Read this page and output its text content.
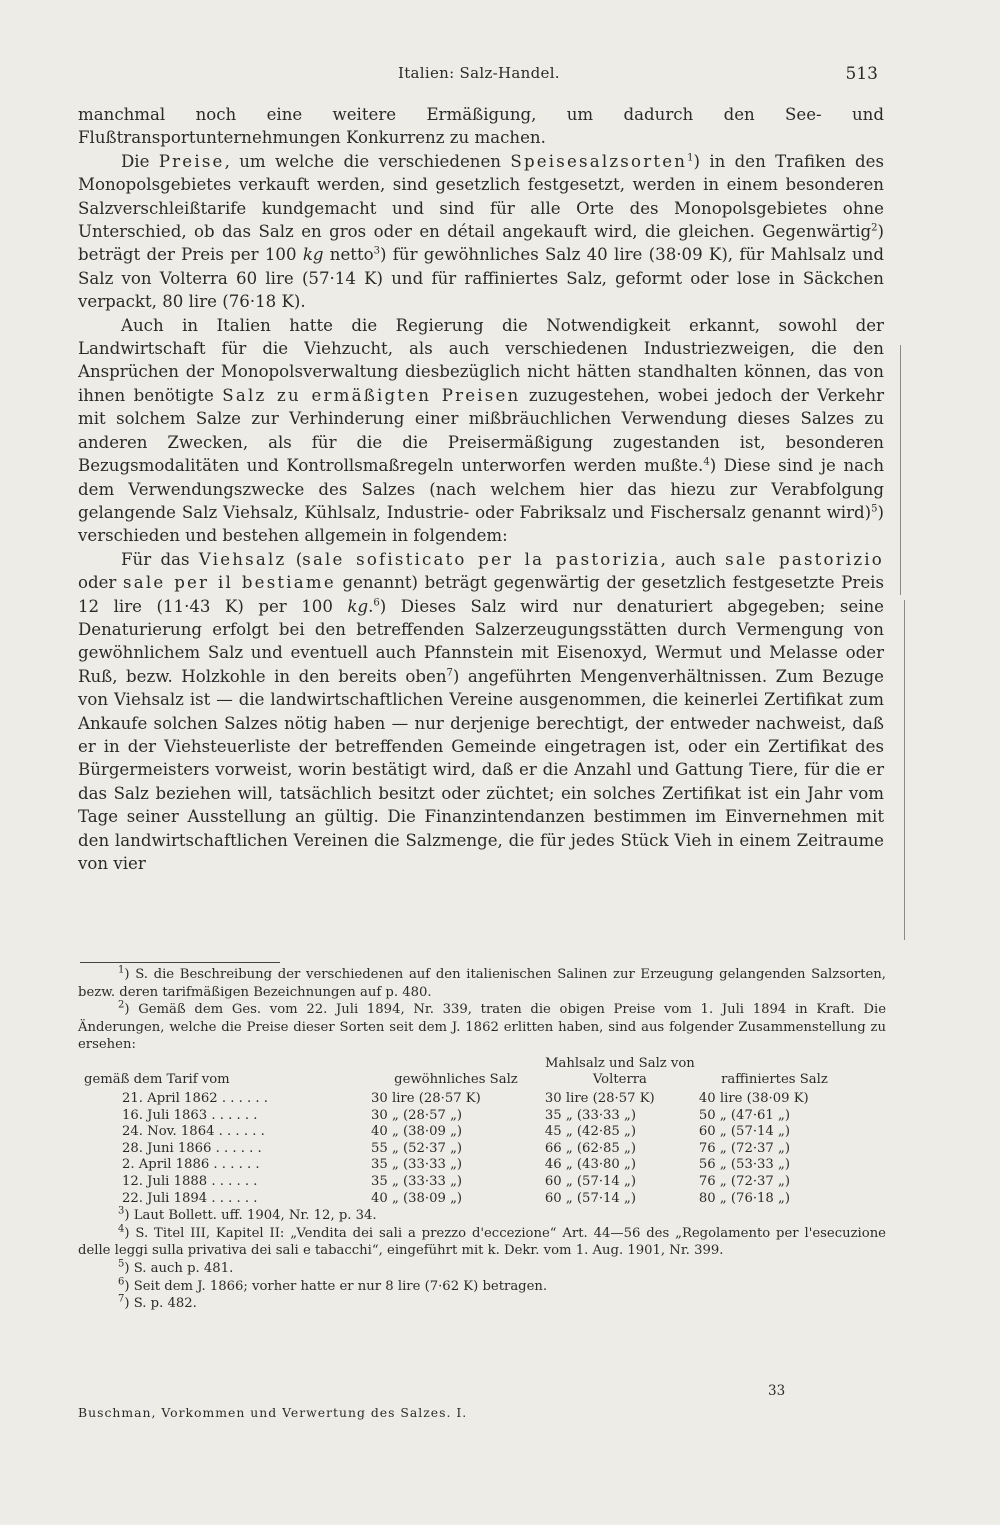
Italien: Salz-Handel.	513

manchmal noch eine weitere Ermäßigung, um dadurch den See- und Flußtransportunternehmungen Konkurrenz zu machen.

Die Preise, um welche die verschiedenen Speisesalzsorten$^1$) in den Trafiken des Monopolsgebietes verkauft werden, sind gesetzlich festgesetzt, werden in einem besonderen Salzverschleißtarife kundgemacht und sind für alle Orte des Monopolsgebietes ohne Unterschied, ob das Salz en gros oder en détail angekauft wird, die gleichen. Gegenwärtig$^2$) beträgt der Preis per 100 kg netto$^3$) für gewöhnliches Salz 40 lire (38·09 K), für Mahlsalz und Salz von Volterra 60 lire (57·14 K) und für raffiniertes Salz, geformt oder lose in Säckchen verpackt, 80 lire (76·18 K).

Auch in Italien hatte die Regierung die Notwendigkeit erkannt, sowohl der Landwirtschaft für die Viehzucht, als auch verschiedenen Industriezweigen, die den Ansprüchen der Monopolsverwaltung diesbezüglich nicht hätten standhalten können, das von ihnen benötigte Salz zu ermäßigten Preisen zuzugestehen, wobei jedoch der Verkehr mit solchem Salze zur Verhinderung einer mißbräuchlichen Verwendung dieses Salzes zu anderen Zwecken, als für die die Preisermäßigung zugestanden ist, besonderen Bezugsmodalitäten und Kontrollsmaßregeln unterworfen werden mußte.$^4$) Diese sind je nach dem Verwendungszwecke des Salzes (nach welchem hier das hiezu zur Verabfolgung gelangende Salz Viehsalz, Kühlsalz, Industrie- oder Fabriksalz und Fischersalz genannt wird)$^5$) verschieden und bestehen allgemein in folgendem:

Für das Viehsalz (sale sofisticato per la pastorizia, auch sale pastorizio oder sale per il bestiame genannt) beträgt gegenwärtig der gesetzlich festgesetzte Preis 12 lire (11·43 K) per 100 kg.$^6$) Dieses Salz wird nur denaturiert abgegeben; seine Denaturierung erfolgt bei den betreffenden Salzerzeugungsstätten durch Vermengung von gewöhnlichem Salz und eventuell auch Pfannstein mit Eisenoxyd, Wermut und Melasse oder Ruß, bezw. Holzkohle in den bereits oben$^7$) angeführten Mengenverhältnissen. Zum Bezuge von Viehsalz ist — die landwirtschaftlichen Vereine ausgenommen, die keinerlei Zertifikat zum Ankaufe solchen Salzes nötig haben — nur derjenige berechtigt, der entweder nachweist, daß er in der Viehsteuerliste der betreffenden Gemeinde eingetragen ist, oder ein Zertifikat des Bürgermeisters vorweist, worin bestätigt wird, daß er die Anzahl und Gattung Tiere, für die er das Salz beziehen will, tatsächlich besitzt oder züchtet; ein solches Zertifikat ist ein Jahr vom Tage seiner Ausstellung an gültig. Die Finanzintendanzen bestimmen im Einvernehmen mit den landwirtschaftlichen Vereinen die Salzmenge, die für jedes Stück Vieh in einem Zeitraume von vier

$^1$) S. die Beschreibung der verschiedenen auf den italienischen Salinen zur Erzeugung gelangenden Salzsorten, bezw. deren tarifmäßigen Bezeichnungen auf p. 480.

$^2$) Gemäß dem Ges. vom 22. Juli 1894, Nr. 339, traten die obigen Preise vom 1. Juli 1894 in Kraft. Die Änderungen, welche die Preise dieser Sorten seit dem J. 1862 erlitten haben, sind aus folgender Zusammenstellung zu ersehen:

gemäß dem Tarif vom	gewöhnliches Salz	Mahlsalz und Salz von Volterra	raffiniertes Salz
21. April 1862 . . . . . .	30 lire (28·57 K)	30 lire (28·57 K)	40 lire (38·09 K)
16. Juli 1863 . . . . . .	30 „ (28·57 „)	35 „ (33·33 „)	50 „ (47·61 „)
24. Nov. 1864 . . . . . .	40 „ (38·09 „)	45 „ (42·85 „)	60 „ (57·14 „)
28. Juni 1866 . . . . . .	55 „ (52·37 „)	66 „ (62·85 „)	76 „ (72·37 „)
2. April 1886 . . . . . .	35 „ (33·33 „)	46 „ (43·80 „)	56 „ (53·33 „)
12. Juli 1888 . . . . . .	35 „ (33·33 „)	60 „ (57·14 „)	76 „ (72·37 „)
22. Juli 1894 . . . . . .	40 „ (38·09 „)	60 „ (57·14 „)	80 „ (76·18 „)

$^3$) Laut Bollett. uff. 1904, Nr. 12, p. 34.

$^4$) S. Titel III, Kapitel II: „Vendita dei sali a prezzo d'eccezione“ Art. 44—56 des „Regolamento per l'esecuzione delle leggi sulla privativa dei sali e tabacchi“, eingeführt mit k. Dekr. vom 1. Aug. 1901, Nr. 399.

$^5$) S. auch p. 481.

$^6$) Seit dem J. 1866; vorher hatte er nur 8 lire (7·62 K) betragen.

$^7$) S. p. 482.

33
Buschman, Vorkommen und Verwertung des Salzes. I.
